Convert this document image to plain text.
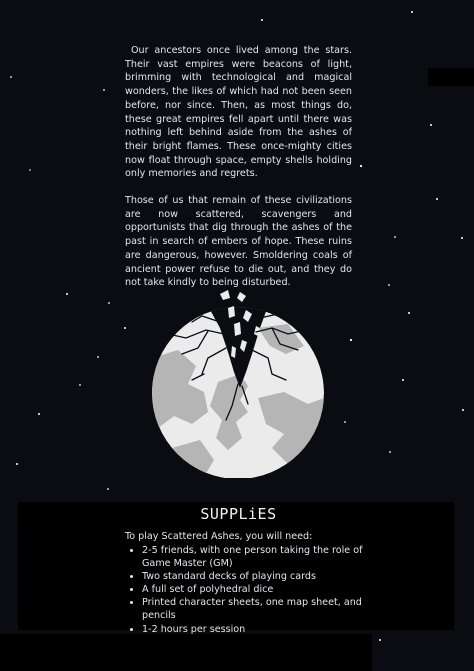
Our ancestors once lived among the stars. Their vast empires were beacons of light, brimming with technological and magical wonders, the likes of which had not been seen before, nor since. Then, as most things do, these great empires fell apart until there was nothing left behind aside from the ashes of their bright flames. These once-mighty cities now float through space, empty shells holding only memories and regrets.

Those of us that remain of these civilizations are now scattered, scavengers and opportunists that dig through the ashes of the past in search of embers of hope. These ruins are dangerous, however. Smoldering coals of ancient power refuse to die out, and they do not take kindly to being disturbed.

SUPPLiES

To play Scattered Ashes, you will need:

• 2-5 friends, with one person taking the role of Game Master (GM)
• Two standard decks of playing cards
• A full set of polyhedral dice
• Printed character sheets, one map sheet, and pencils
• 1-2 hours per session
